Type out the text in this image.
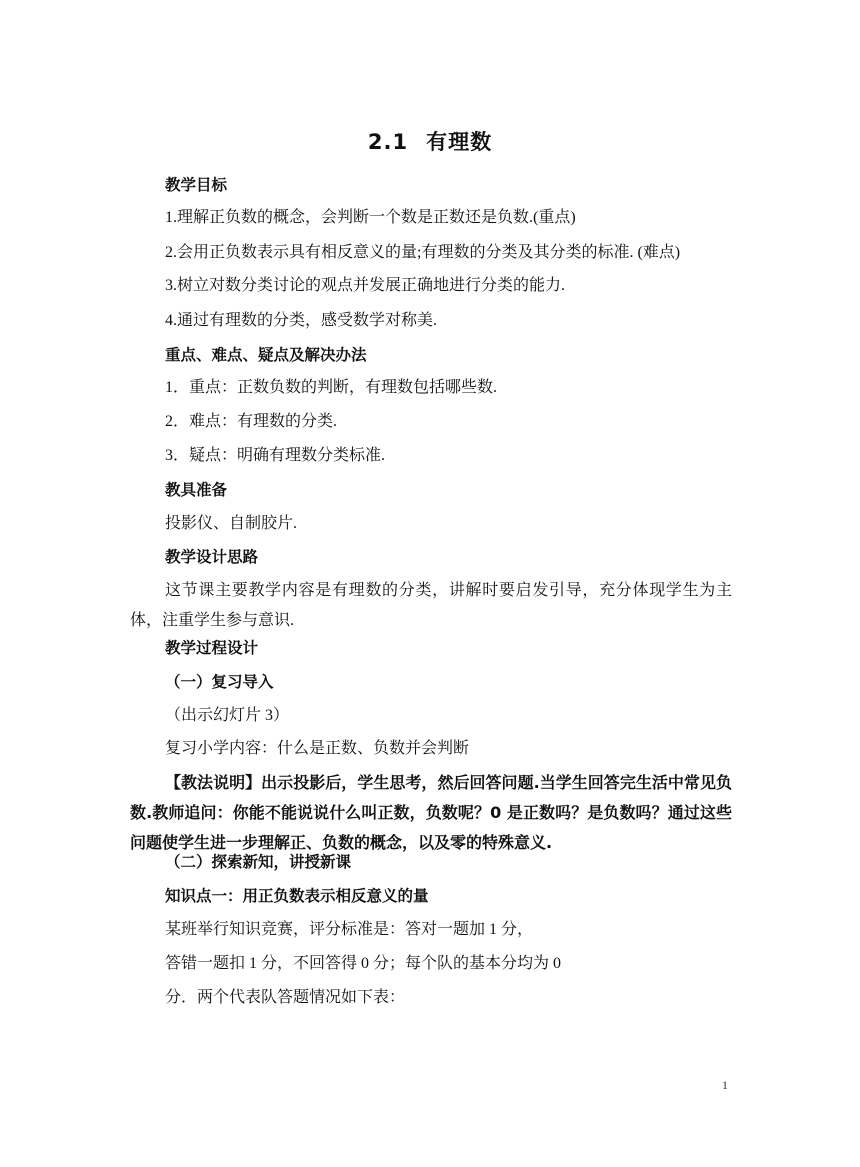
2.1 有理数
教学目标
1.理解正负数的概念，会判断一个数是正数还是负数.(重点)
2.会用正负数表示具有相反意义的量;有理数的分类及其分类的标准. (难点)
3.树立对数分类讨论的观点并发展正确地进行分类的能力.
4.通过有理数的分类，感受数学对称美.
重点、难点、疑点及解决办法
1．重点：正数负数的判断，有理数包括哪些数.
2．难点：有理数的分类.
3．疑点：明确有理数分类标准.
教具准备
投影仪、自制胶片.
教学设计思路
这节课主要教学内容是有理数的分类，讲解时要启发引导，充分体现学生为主体，注重学生参与意识.
教学过程设计
（一）复习导入
（出示幻灯片 3）
复习小学内容：什么是正数、负数并会判断
【教法说明】出示投影后，学生思考，然后回答问题.当学生回答完生活中常见负数.教师追问：你能不能说说什么叫正数，负数呢？0 是正数吗？是负数吗？通过这些问题使学生进一步理解正、负数的概念，以及零的特殊意义.
（二）探索新知，讲授新课
知识点一：用正负数表示相反意义的量
某班举行知识竞赛，评分标准是：答对一题加 1 分，
答错一题扣 1 分，不回答得 0 分；每个队的基本分均为 0
分．两个代表队答题情况如下表：
1
